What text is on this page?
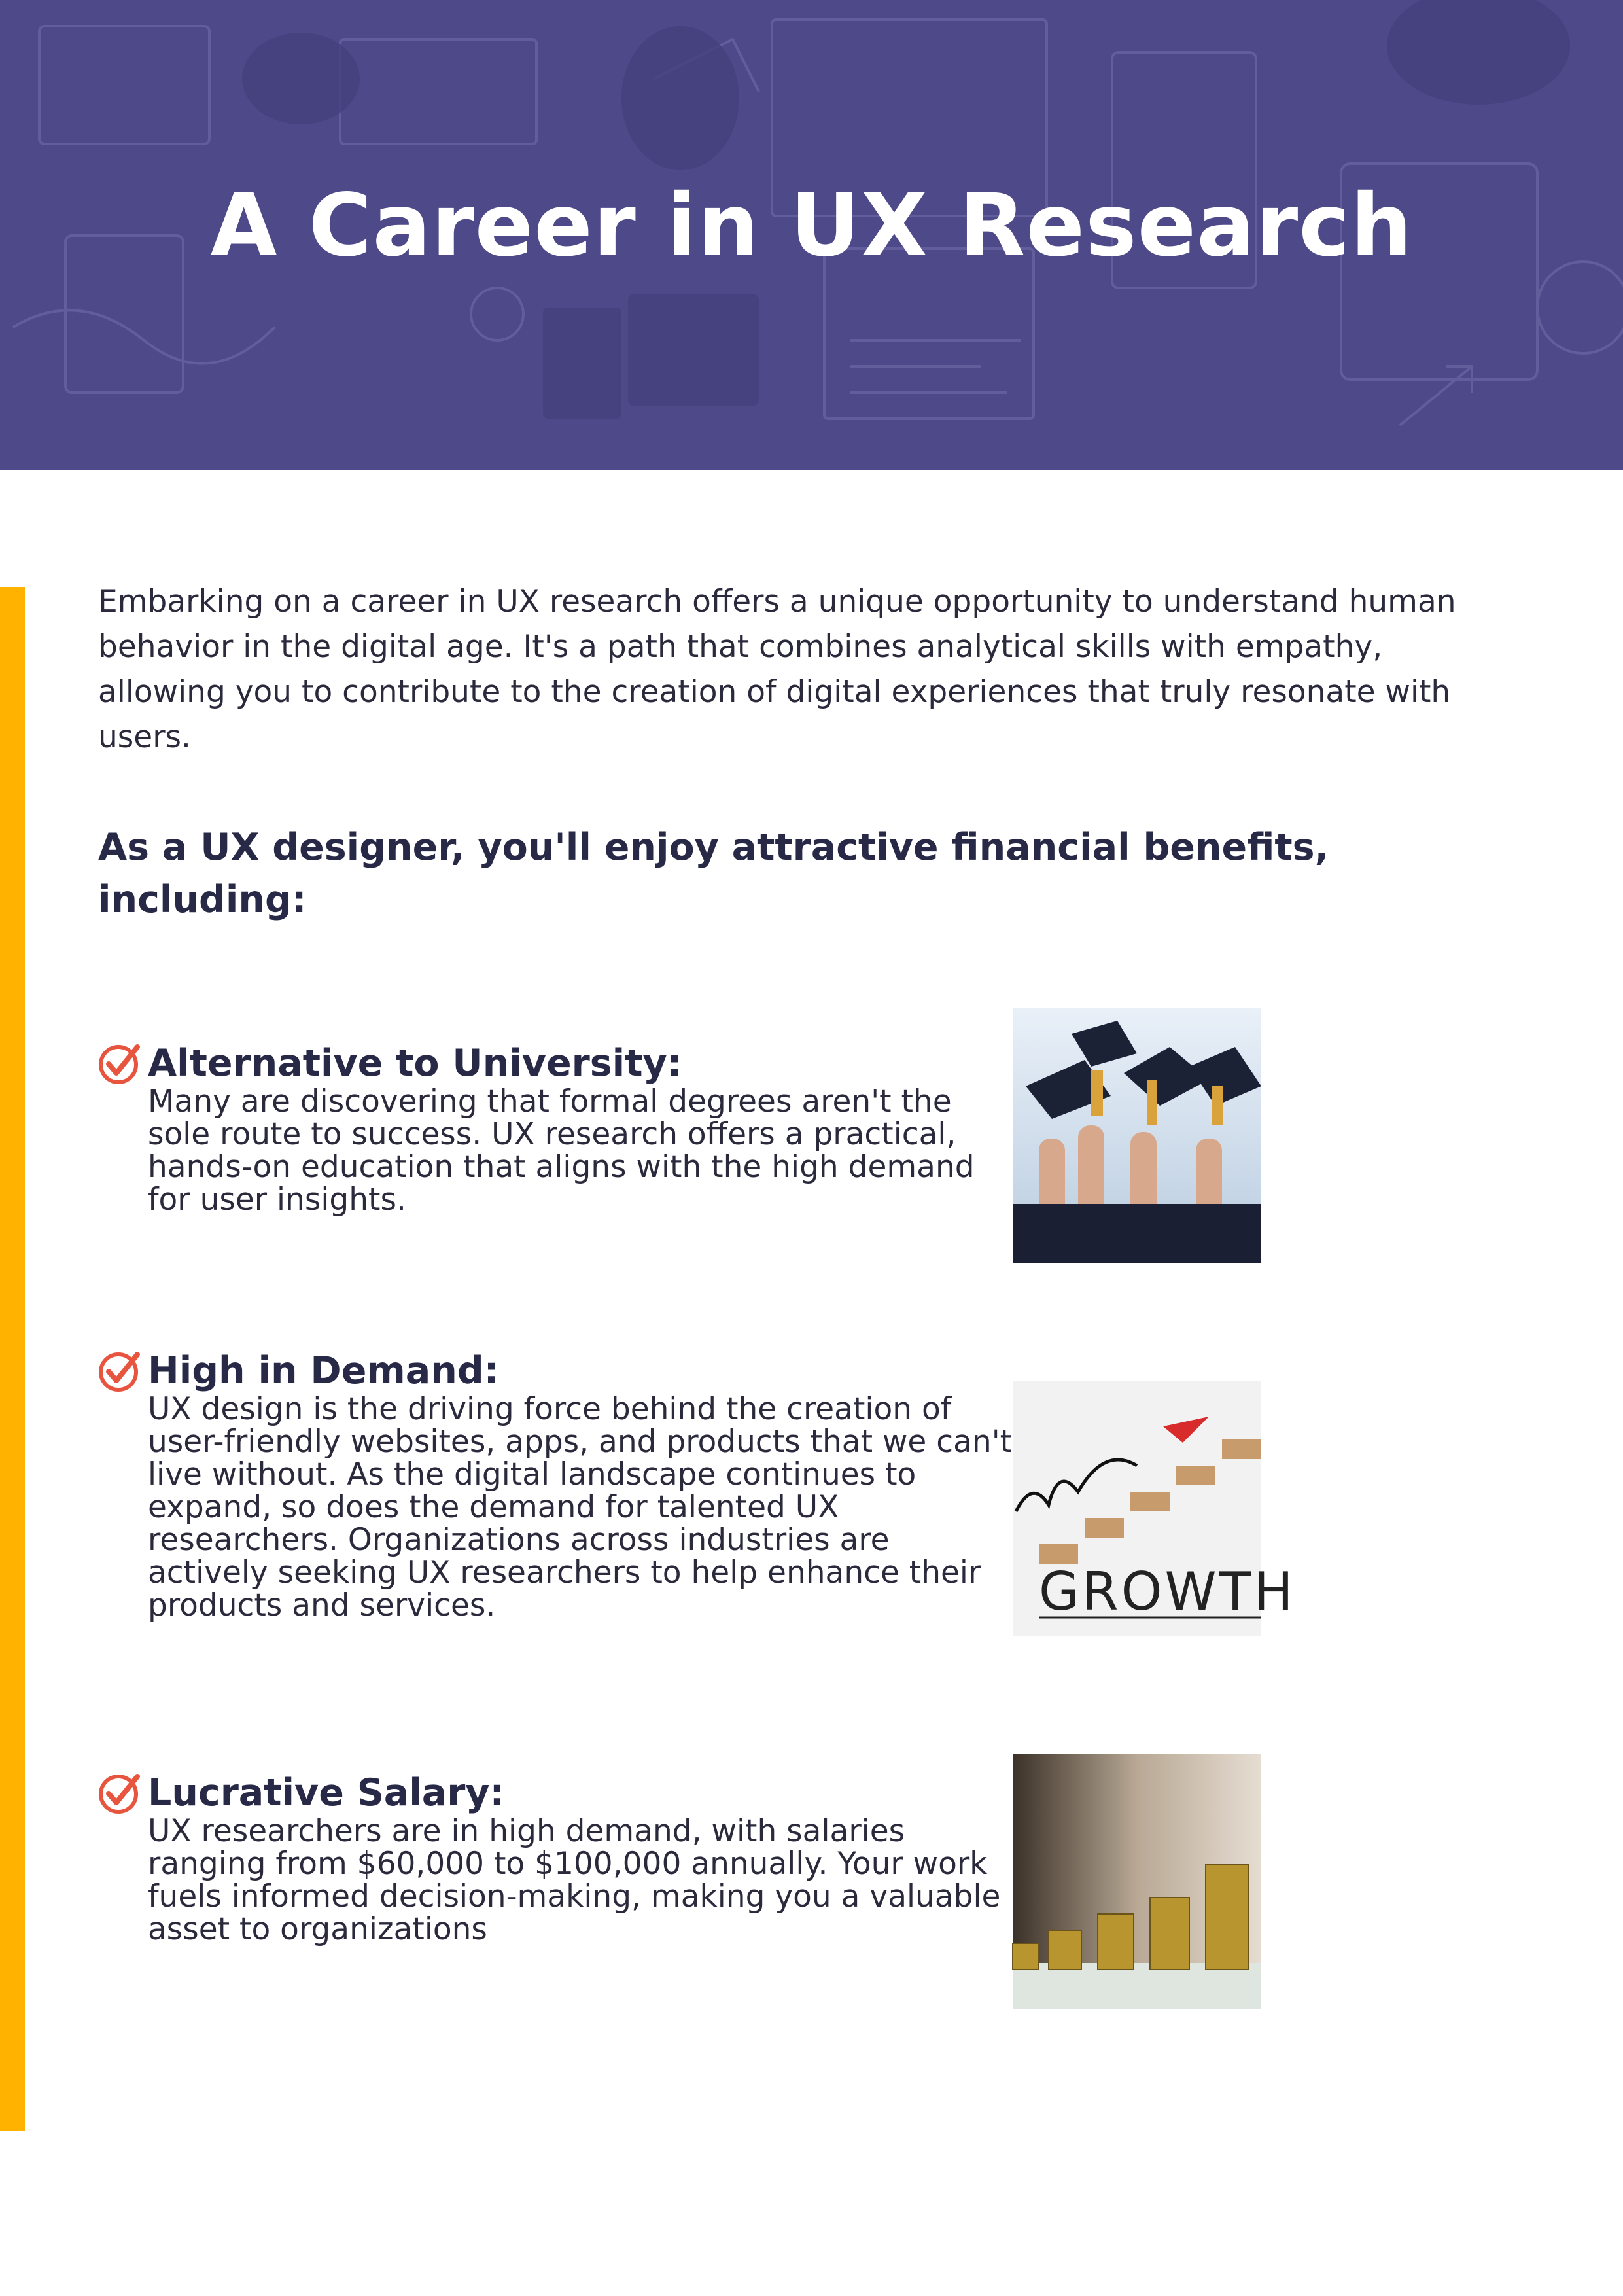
A Career in UX Research
Embarking on a career in UX research offers a unique opportunity to understand human behavior in the digital age. It's a path that combines analytical skills with empathy, allowing you to contribute to the creation of digital experiences that truly resonate with users.
As a UX designer, you'll enjoy attractive financial benefits, including:
Alternative to University:
Many are discovering that formal degrees aren't the sole route to success. UX research offers a practical, hands-on education that aligns with the high demand for user insights.
High in Demand:
UX design is the driving force behind the creation of user-friendly websites, apps, and products that we can't live without. As the digital landscape continues to expand, so does the demand for talented UX researchers. Organizations across industries are actively seeking UX researchers to help enhance their products and services.	GROWTH
Lucrative Salary:
UX researchers are in high demand, with salaries ranging from $60,000 to $100,000 annually. Your work fuels informed decision-making, making you a valuable asset to organizations
